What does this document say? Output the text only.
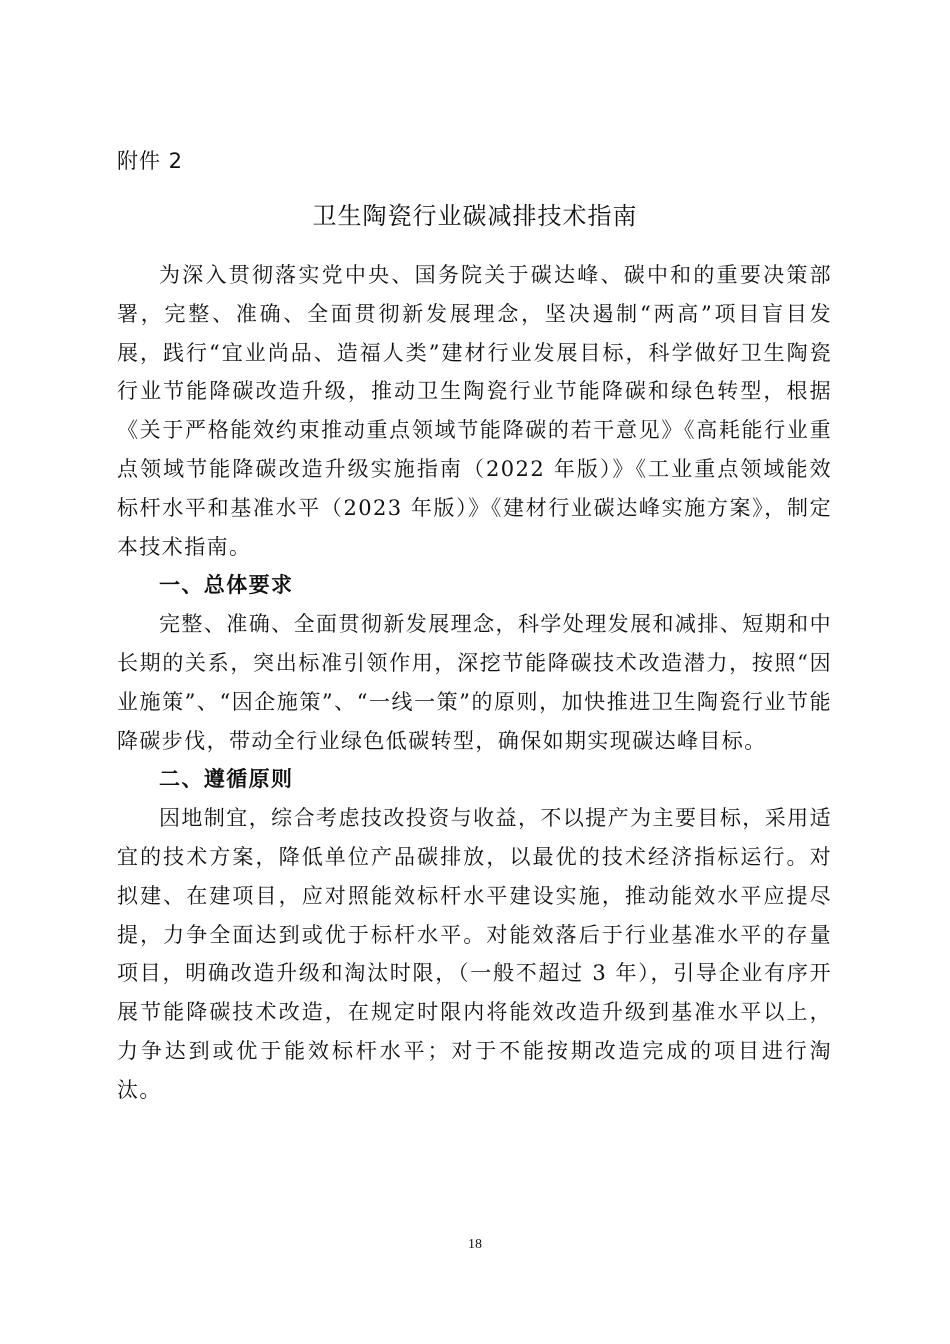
附件 2
卫生陶瓷行业碳减排技术指南

为深入贯彻落实党中央、国务院关于碳达峰、碳中和的重要决策部署，完整、准确、全面贯彻新发展理念，坚决遏制“两高”项目盲目发展，践行“宜业尚品、造福人类”建材行业发展目标，科学做好卫生陶瓷行业节能降碳改造升级，推动卫生陶瓷行业节能降碳和绿色转型，根据《关于严格能效约束推动重点领域节能降碳的若干意见》《高耗能行业重点领域节能降碳改造升级实施指南（2022 年版）》《工业重点领域能效标杆水平和基准水平（2023 年版）》《建材行业碳达峰实施方案》，制定本技术指南。

一、总体要求

完整、准确、全面贯彻新发展理念，科学处理发展和减排、短期和中长期的关系，突出标准引领作用，深挖节能降碳技术改造潜力，按照“因业施策”、“因企施策”、“一线一策”的原则，加快推进卫生陶瓷行业节能降碳步伐，带动全行业绿色低碳转型，确保如期实现碳达峰目标。

二、遵循原则

因地制宜，综合考虑技改投资与收益，不以提产为主要目标，采用适宜的技术方案，降低单位产品碳排放，以最优的技术经济指标运行。对拟建、在建项目，应对照能效标杆水平建设实施，推动能效水平应提尽提，力争全面达到或优于标杆水平。对能效落后于行业基准水平的存量项目，明确改造升级和淘汰时限，（一般不超过 3 年），引导企业有序开展节能降碳技术改造，在规定时限内将能效改造升级到基准水平以上，力争达到或优于能效标杆水平；对于不能按期改造完成的项目进行淘汰。

18
